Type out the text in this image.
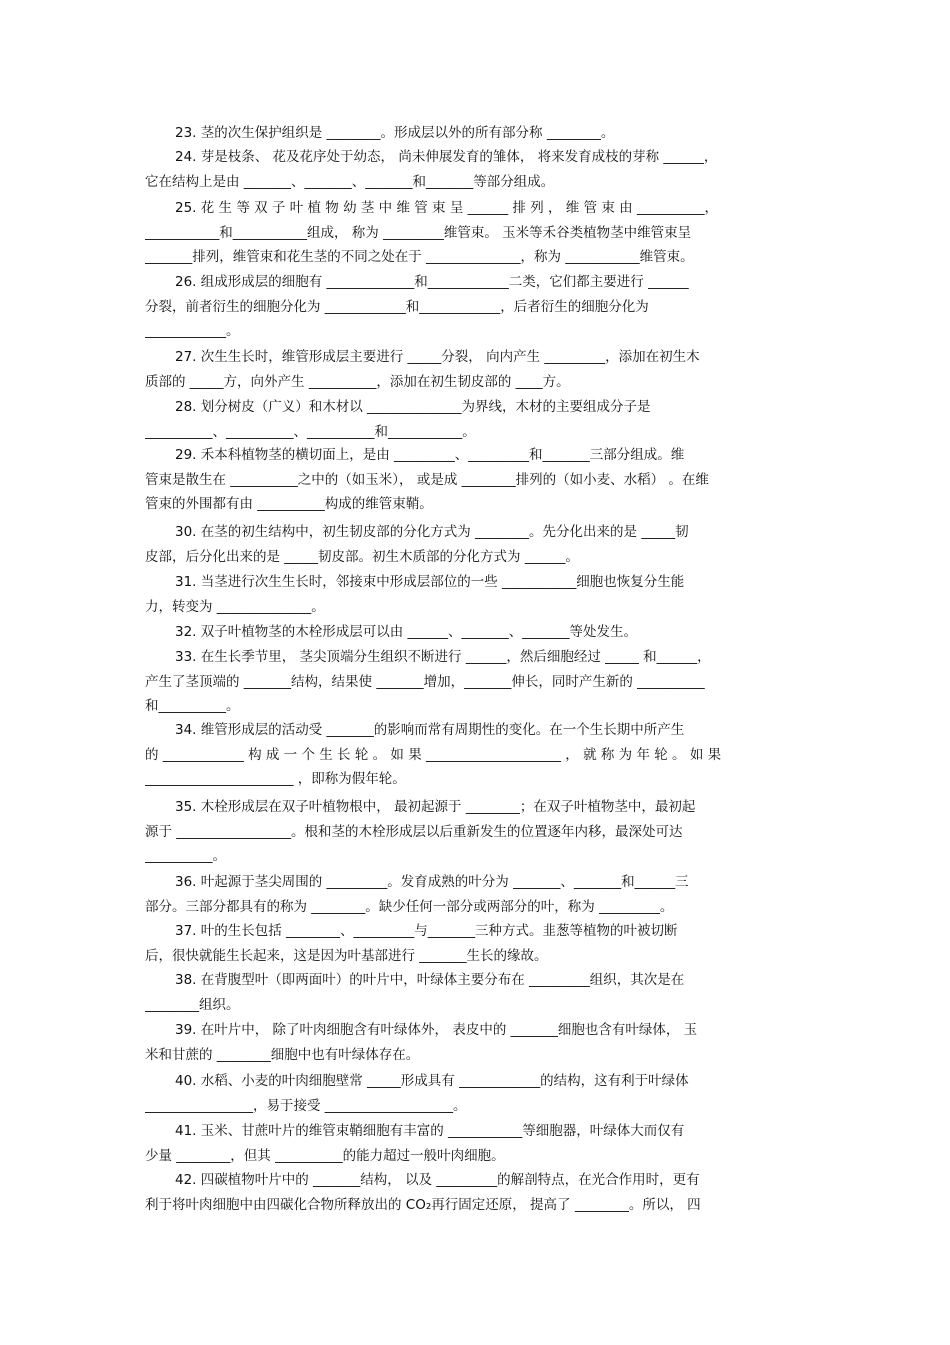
23. 茎的次生保护组织是 ________。形成层以外的所有部分称 ________。
24. 芽是枝条、 花及花序处于幼态， 尚未伸展发育的雏体， 将来发育成枝的芽称 ______，
它在结构上是由 _______、_______、_______和_______等部分组成。
25. 花 生 等 双 子 叶 植 物 幼 茎 中 维 管 束 呈 ______ 排 列 ， 维 管 束 由 __________，
___________和___________组成， 称为 _________维管束。 玉米等禾谷类植物茎中维管束呈
_______排列，维管束和花生茎的不同之处在于 ______________，称为 ___________维管束。
26. 组成形成层的细胞有 _____________和____________二类，它们都主要进行 ______
分裂，前者衍生的细胞分化为 ____________和____________，后者衍生的细胞分化为
____________。
27. 次生生长时，维管形成层主要进行 _____分裂， 向内产生 _________，添加在初生木
质部的 _____方，向外产生 __________，添加在初生韧皮部的 ____方。
28. 划分树皮（广义）和木材以 ______________为界线，木材的主要组成分子是
__________、__________、__________和___________。
29. 禾本科植物茎的横切面上，是由 _________、_________和_______三部分组成。维
管束是散生在 __________之中的（如玉米）， 或是成 ________排列的（如小麦、水稻） 。在维
管束的外围都有由 __________构成的维管束鞘。
30. 在茎的初生结构中，初生韧皮部的分化方式为 ________。先分化出来的是 _____韧
皮部，后分化出来的是 _____韧皮部。初生木质部的分化方式为 ______。
31. 当茎进行次生生长时，邻接束中形成层部位的一些 ___________细胞也恢复分生能
力，转变为 ______________。
32. 双子叶植物茎的木栓形成层可以由 ______、_______、_______等处发生。
33. 在生长季节里， 茎尖顶端分生组织不断进行 ______，然后细胞经过 _____ 和______，
产生了茎顶端的 _______结构，结果使 _______增加，_______伸长，同时产生新的 __________
和__________。
34. 维管形成层的活动受 _______的影响而常有周期性的变化。在一个生长期中所产生
的 ____________ 构 成 一 个 生 长 轮 。 如 果 ____________________ ， 就 称 为 年 轮 。 如 果
______________________ ，即称为假年轮。
35. 木栓形成层在双子叶植物根中， 最初起源于 ________；在双子叶植物茎中，最初起
源于 _________________。根和茎的木栓形成层以后重新发生的位置逐年内移，最深处可达
__________。
36. 叶起源于茎尖周围的 _________。发育成熟的叶分为 _______、_______和______三
部分。三部分都具有的称为 ________。缺少任何一部分或两部分的叶，称为 _________。
37. 叶的生长包括 ________、_________与_______三种方式。韭葱等植物的叶被切断
后，很快就能生长起来，这是因为叶基部进行 _______生长的缘故。
38. 在背腹型叶（即两面叶）的叶片中，叶绿体主要分布在 _________组织，其次是在
________组织。
39. 在叶片中， 除了叶肉细胞含有叶绿体外， 表皮中的 _______细胞也含有叶绿体， 玉
米和甘蔗的 ________细胞中也有叶绿体存在。
40. 水稻、小麦的叶肉细胞壁常 _____形成具有 ____________的结构，这有利于叶绿体
________________，易于接受 ___________________。
41. 玉米、甘蔗叶片的维管束鞘细胞有丰富的 ___________等细胞器，叶绿体大而仅有
少量 ________，但其 __________的能力超过一般叶肉细胞。
42. 四碳植物叶片中的 _______结构， 以及 _________的解剖特点，在光合作用时，更有
利于将叶肉细胞中由四碳化合物所释放出的 CO₂再行固定还原， 提高了 ________。所以， 四
